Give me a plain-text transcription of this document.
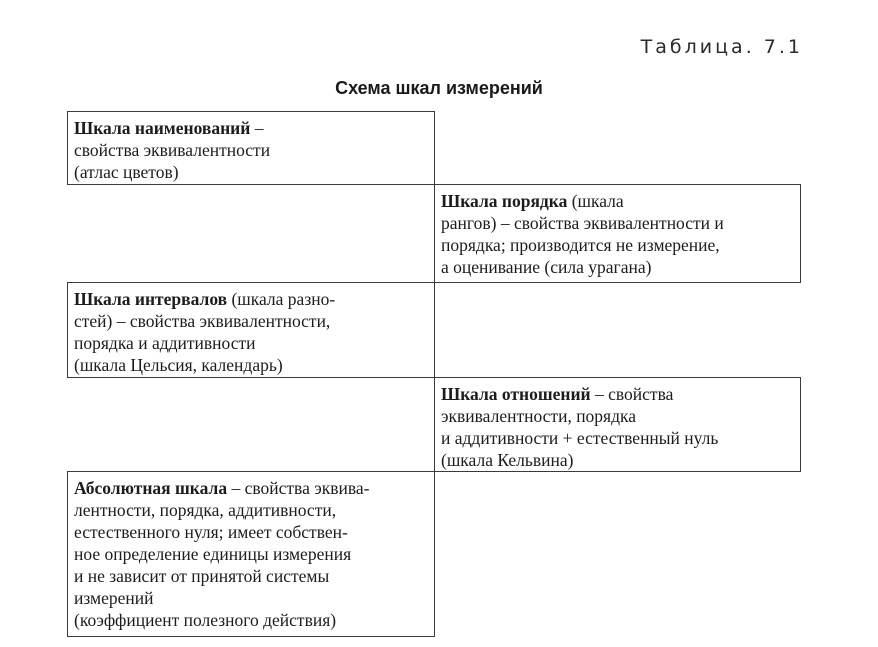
Таблица. 7.1
Схема шкал измерений
Шкала наименований –
свойства эквивалентности
(атлас цветов)
Шкала порядка (шкала
рангов) – свойства эквивалентности и
порядка; производится не измерение,
а оценивание (сила урагана)
Шкала интервалов (шкала разно-
стей) – свойства эквивалентности,
порядка и аддитивности
(шкала Цельсия, календарь)
Шкала отношений – свойства
эквивалентности, порядка
и аддитивности + естественный нуль
(шкала Кельвина)
Абсолютная шкала – свойства эквива-
лентности, порядка, аддитивности,
естественного нуля; имеет собствен-
ное определение единицы измерения
и не зависит от принятой системы
измерений
(коэффициент полезного действия)
